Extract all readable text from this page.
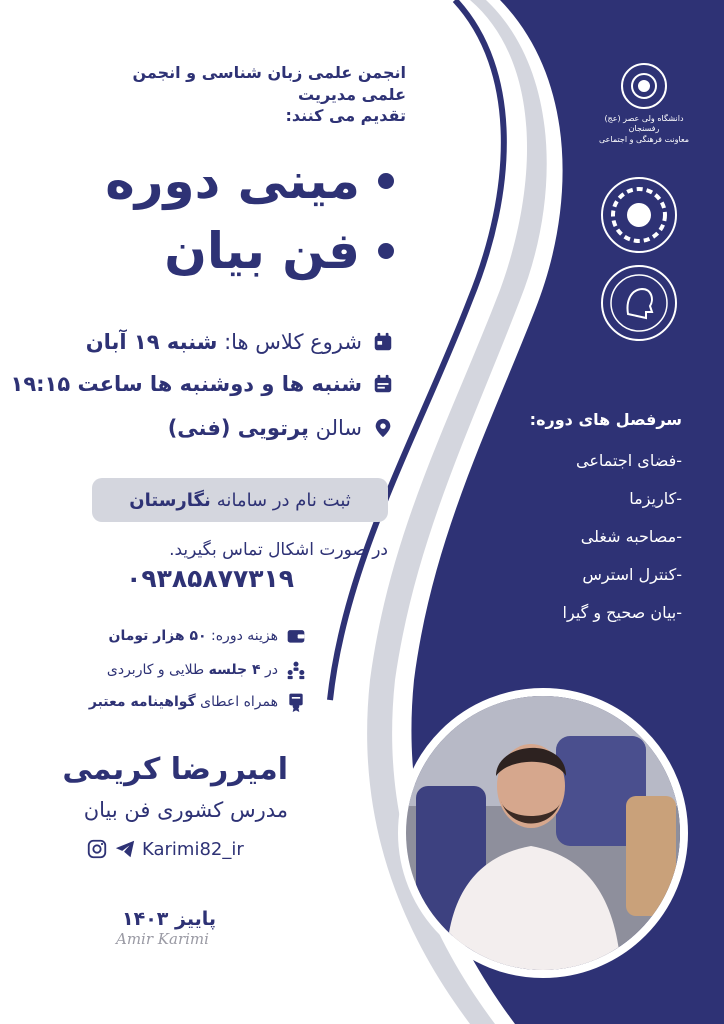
انجمن علمی زبان شناسی و انجمن علمی مدیریت
تقدیم می کنند:
مینی دوره
فن بیان
شروع کلاس ها: شنبه ۱۹ آبان
شنبه ها و دوشنبه ها ساعت ۱۹:۱۵
سالن پرتویی (فنی)
ثبت نام در سامانه
نگارستان
در صورت اشکال تماس بگیرید.
۰۹۳۸۵۸۷۷۳۱۹
هزینه دوره: ۵۰ هزار تومان
در ۴ جلسه طلایی و کاربردی
همراه اعطای گواهینامه معتبر
امیررضا کریمی
مدرس کشوری فن بیان
Karimi82_ir
پاییز ۱۴۰۳
Amir Karimi
دانشگاه ولی عصر (عج) رفسنجان
معاونت فرهنگی و اجتماعی
سرفصل های دوره:
-فضای اجتماعی
-کاریزما
-مصاحبه شغلی
-کنترل استرس
-بیان صحیح و گیرا
